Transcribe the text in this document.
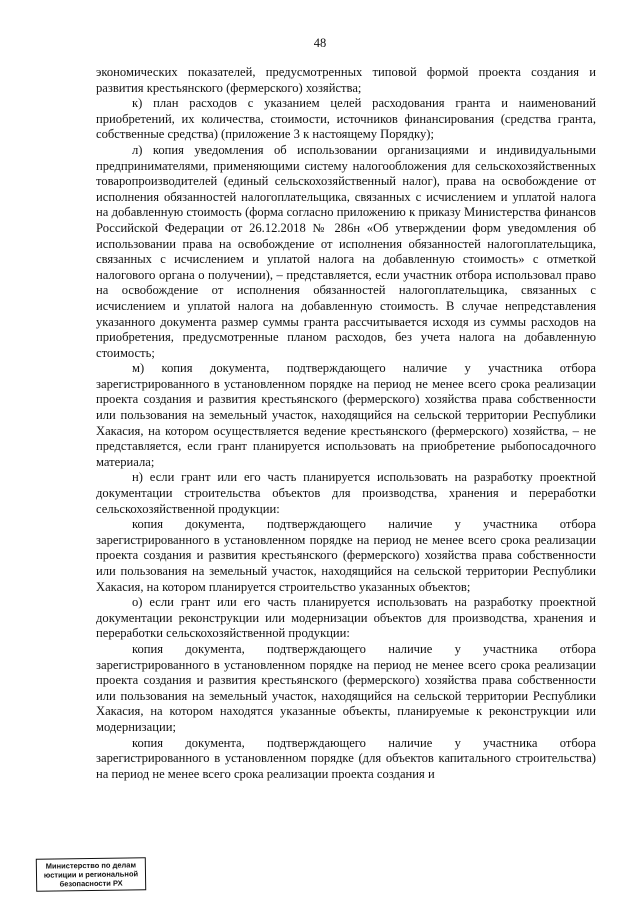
48

экономических показателей, предусмотренных типовой формой проекта создания и развития крестьянского (фермерского) хозяйства;

к) план расходов с указанием целей расходования гранта и наименований приобретений, их количества, стоимости, источников финансирования (средства гранта, собственные средства) (приложение 3 к настоящему Порядку);

л) копия уведомления об использовании организациями и индивидуальными предпринимателями, применяющими систему налогообложения для сельскохозяйственных товаропроизводителей (единый сельскохозяйственный налог), права на освобождение от исполнения обязанностей налогоплательщика, связанных с исчислением и уплатой налога на добавленную стоимость (форма согласно приложению к приказу Министерства финансов Российской Федерации от 26.12.2018 № 286н «Об утверждении форм уведомления об использовании права на освобождение от исполнения обязанностей налогоплательщика, связанных с исчислением и уплатой налога на добавленную стоимость» с отметкой налогового органа о получении), – представляется, если участник отбора использовал право на освобождение от исполнения обязанностей налогоплательщика, связанных с исчислением и уплатой налога на добавленную стоимость. В случае непредставления указанного документа размер суммы гранта рассчитывается исходя из суммы расходов на приобретения, предусмотренные планом расходов, без учета налога на добавленную стоимость;

м) копия документа, подтверждающего наличие у участника отбора зарегистрированного в установленном порядке на период не менее всего срока реализации проекта создания и развития крестьянского (фермерского) хозяйства права собственности или пользования на земельный участок, находящийся на сельской территории Республики Хакасия, на котором осуществляется ведение крестьянского (фермерского) хозяйства, – не представляется, если грант планируется использовать на приобретение рыбопосадочного материала;

н) если грант или его часть планируется использовать на разработку проектной документации строительства объектов для производства, хранения и переработки сельскохозяйственной продукции:

копия документа, подтверждающего наличие у участника отбора зарегистрированного в установленном порядке на период не менее всего срока реализации проекта создания и развития крестьянского (фермерского) хозяйства права собственности или пользования на земельный участок, находящийся на сельской территории Республики Хакасия, на котором планируется строительство указанных объектов;

о) если грант или его часть планируется использовать на разработку проектной документации реконструкции или модернизации объектов для производства, хранения и переработки сельскохозяйственной продукции:

копия документа, подтверждающего наличие у участника отбора зарегистрированного в установленном порядке на период не менее всего срока реализации проекта создания и развития крестьянского (фермерского) хозяйства права собственности или пользования на земельный участок, находящийся на сельской территории Республики Хакасия, на котором находятся указанные объекты, планируемые к реконструкции или модернизации;

копия документа, подтверждающего наличие у участника отбора зарегистрированного в установленном порядке (для объектов капитального строительства) на период не менее всего срока реализации проекта создания и

Министерство по делам
юстиции и региональной
безопасности РХ
